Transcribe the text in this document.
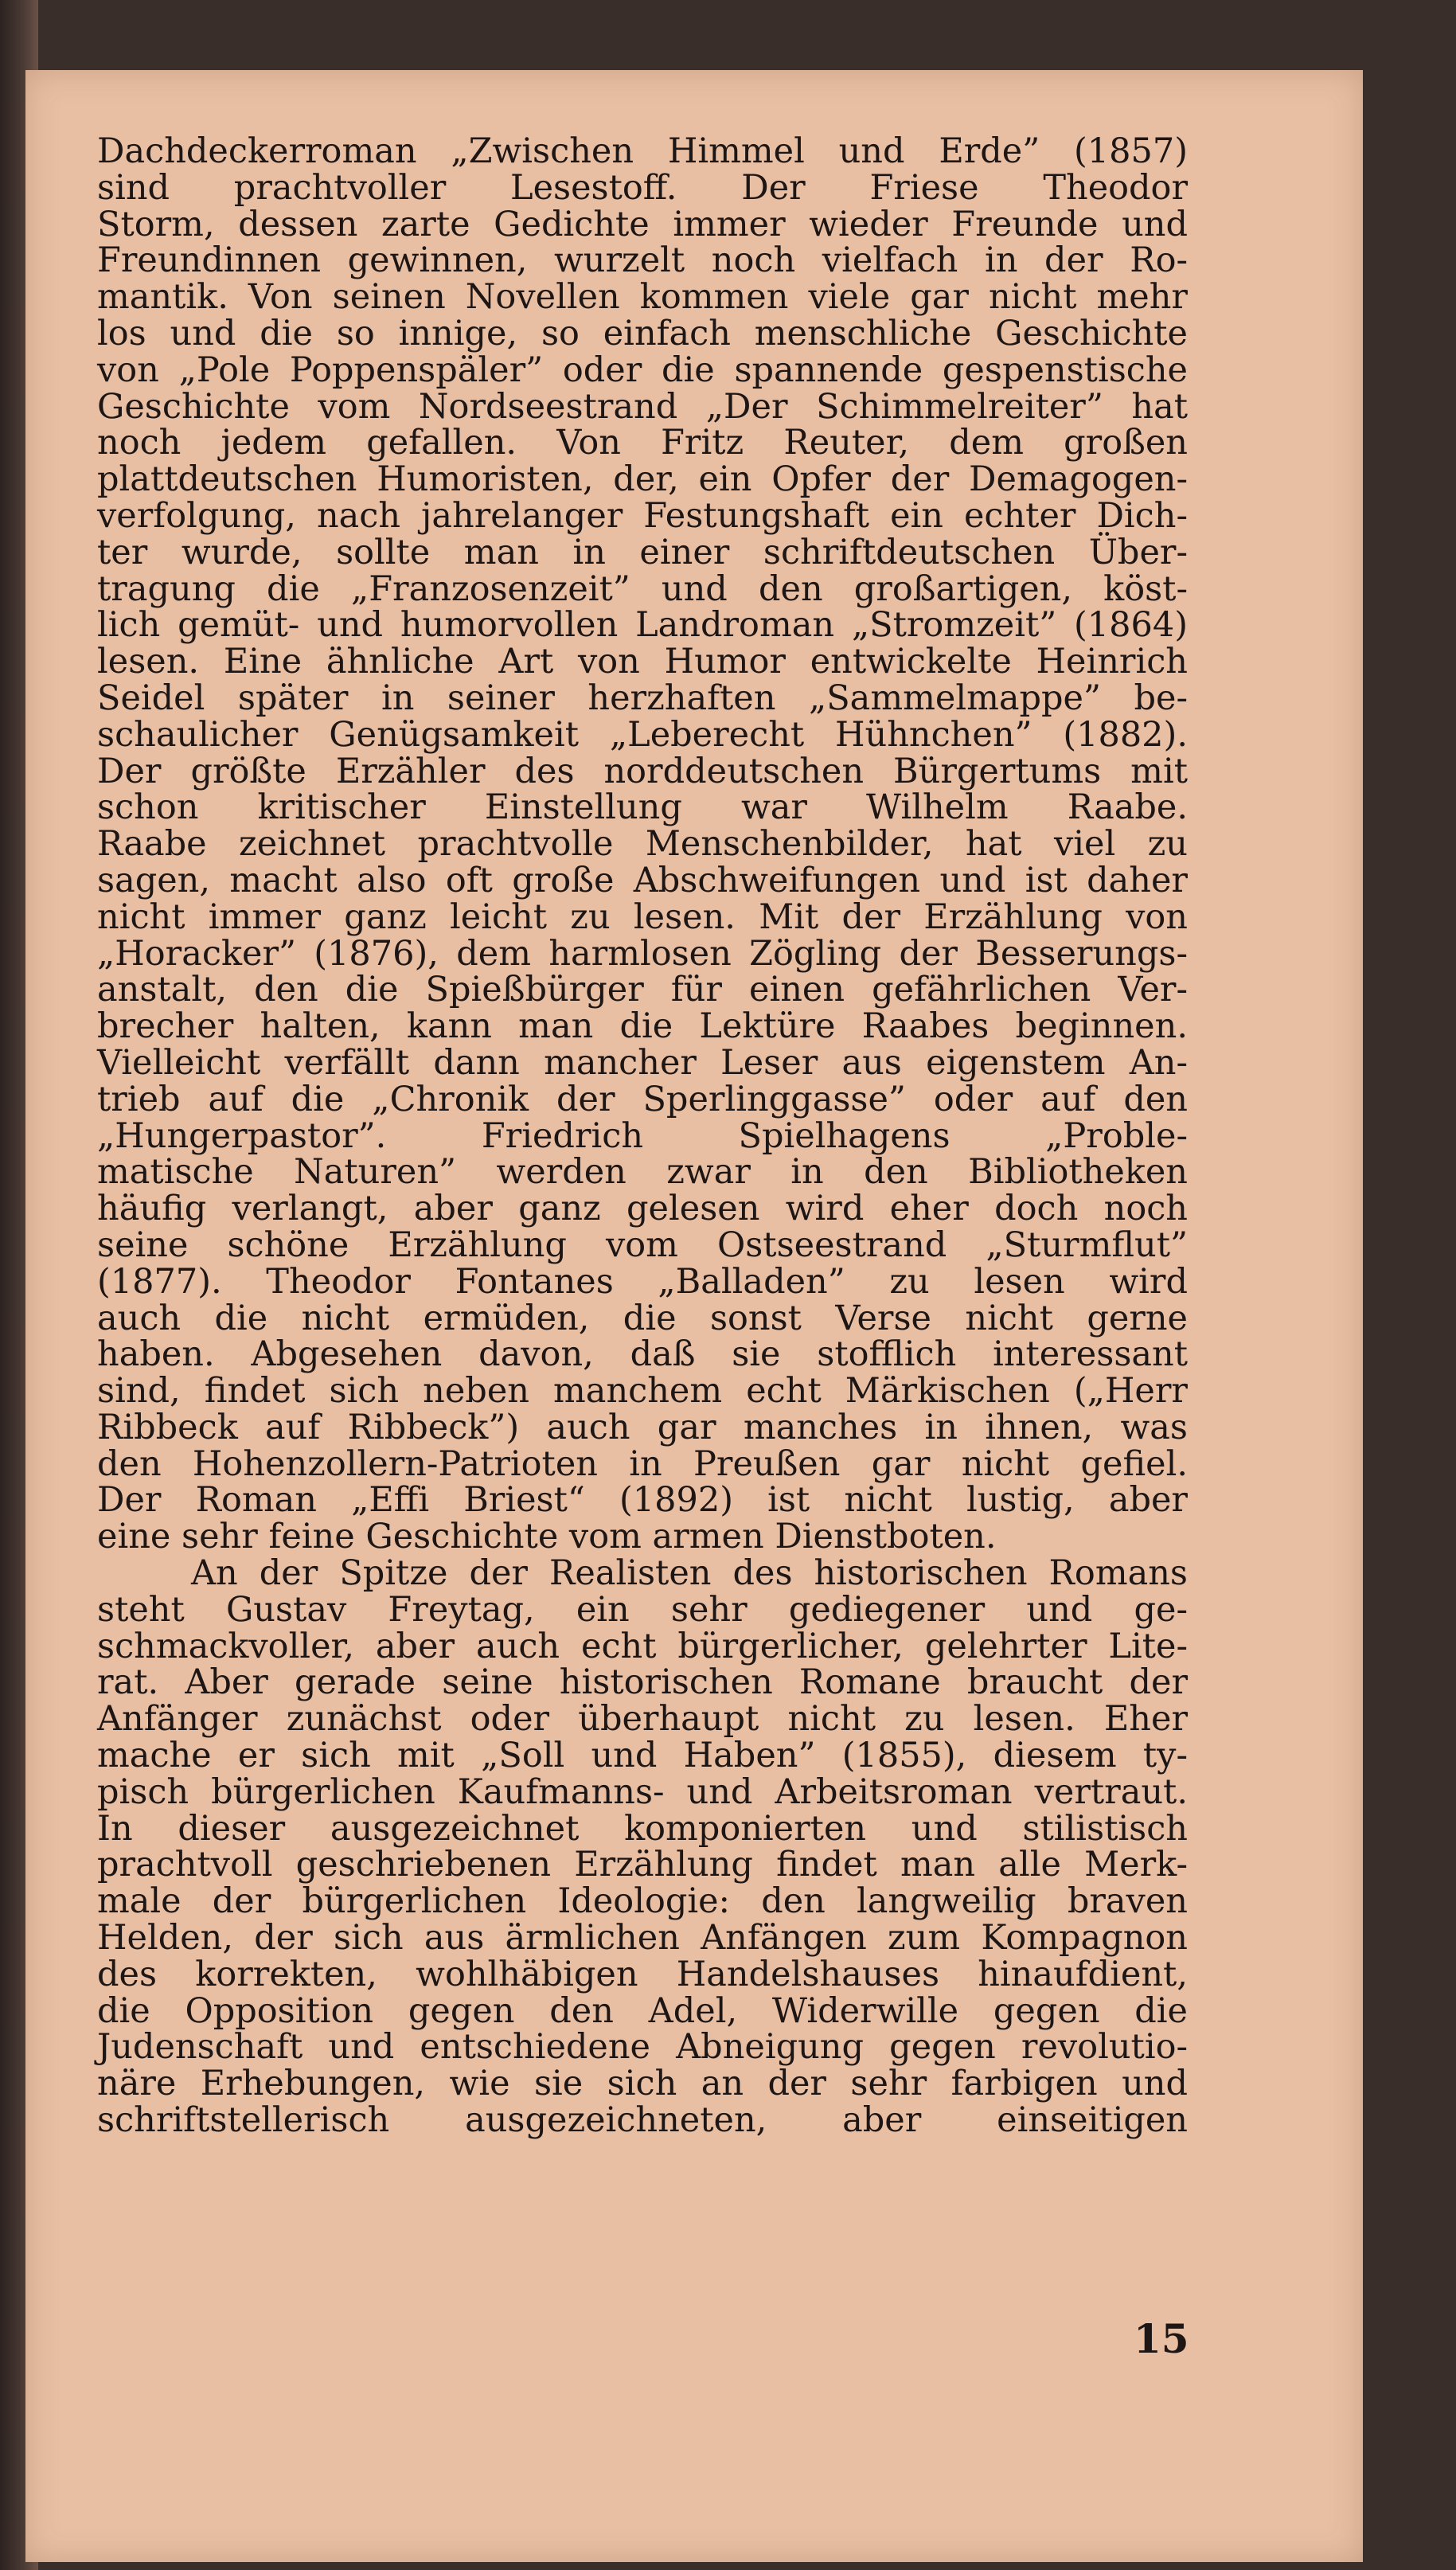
Dachdeckerroman „Zwischen Himmel und Erde” (1857)
sind prachtvoller Lesestoff. Der Friese Theodor
Storm, dessen zarte Gedichte immer wieder Freunde und
Freundinnen gewinnen, wurzelt noch vielfach in der Ro-
mantik. Von seinen Novellen kommen viele gar nicht mehr
los und die so innige, so einfach menschliche Geschichte
von „Pole Poppenspäler” oder die spannende gespenstische
Geschichte vom Nordseestrand „Der Schimmelreiter” hat
noch jedem gefallen. Von Fritz Reuter, dem großen
plattdeutschen Humoristen, der, ein Opfer der Demagogen-
verfolgung, nach jahrelanger Festungshaft ein echter Dich-
ter wurde, sollte man in einer schriftdeutschen Über-
tragung die „Franzosenzeit” und den großartigen, köst-
lich gemüt- und humorvollen Landroman „Stromzeit” (1864)
lesen. Eine ähnliche Art von Humor entwickelte Heinrich
Seidel später in seiner herzhaften „Sammelmappe” be-
schaulicher Genügsamkeit „Leberecht Hühnchen” (1882).
Der größte Erzähler des norddeutschen Bürgertums mit
schon kritischer Einstellung war Wilhelm Raabe.
Raabe zeichnet prachtvolle Menschenbilder, hat viel zu
sagen, macht also oft große Abschweifungen und ist daher
nicht immer ganz leicht zu lesen. Mit der Erzählung von
„Horacker” (1876), dem harmlosen Zögling der Besserungs-
anstalt, den die Spießbürger für einen gefährlichen Ver-
brecher halten, kann man die Lektüre Raabes beginnen.
Vielleicht verfällt dann mancher Leser aus eigenstem An-
trieb auf die „Chronik der Sperlinggasse” oder auf den
„Hungerpastor”. Friedrich Spielhagens „Proble-
matische Naturen” werden zwar in den Bibliotheken
häufig verlangt, aber ganz gelesen wird eher doch noch
seine schöne Erzählung vom Ostseestrand „Sturmflut”
(1877). Theodor Fontanes „Balladen” zu lesen wird
auch die nicht ermüden, die sonst Verse nicht gerne
haben. Abgesehen davon, daß sie stofflich interessant
sind, findet sich neben manchem echt Märkischen („Herr
Ribbeck auf Ribbeck”) auch gar manches in ihnen, was
den Hohenzollern-Patrioten in Preußen gar nicht gefiel.
Der Roman „Effi Briest“ (1892) ist nicht lustig, aber
eine sehr feine Geschichte vom armen Dienstboten.
An der Spitze der Realisten des historischen Romans
steht Gustav Freytag, ein sehr gediegener und ge-
schmackvoller, aber auch echt bürgerlicher, gelehrter Lite-
rat. Aber gerade seine historischen Romane braucht der
Anfänger zunächst oder überhaupt nicht zu lesen. Eher
mache er sich mit „Soll und Haben” (1855), diesem ty-
pisch bürgerlichen Kaufmanns- und Arbeitsroman vertraut.
In dieser ausgezeichnet komponierten und stilistisch
prachtvoll geschriebenen Erzählung findet man alle Merk-
male der bürgerlichen Ideologie: den langweilig braven
Helden, der sich aus ärmlichen Anfängen zum Kompagnon
des korrekten, wohlhäbigen Handelshauses hinaufdient,
die Opposition gegen den Adel, Widerwille gegen die
Judenschaft und entschiedene Abneigung gegen revolutio-
näre Erhebungen, wie sie sich an der sehr farbigen und
schriftstellerisch ausgezeichneten, aber einseitigen
15
